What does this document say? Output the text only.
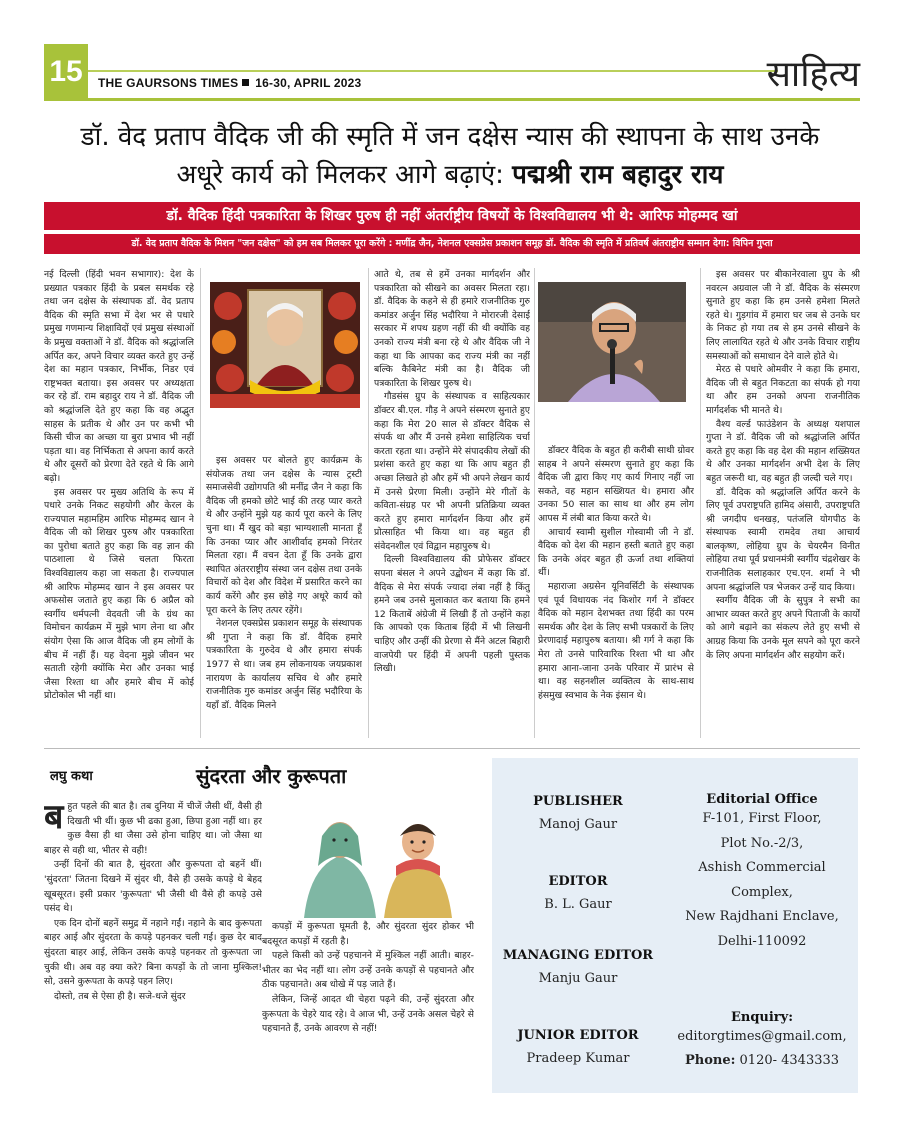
15	THE GAURSONS TIMES 16-30, APRIL 2023	साहित्य
डॉ. वेद प्रताप वैदिक जी की स्मृति में जन दक्षेस न्यास की स्थापना के साथ उनके
अधूरे कार्य को मिलकर आगे बढ़ाएं: पद्मश्री राम बहादुर राय
डॉ. वैदिक हिंदी पत्रकारिता के शिखर पुरुष ही नहीं अंतर्राष्ट्रीय विषयों के विश्वविद्यालय भी थे: आरिफ मोहम्मद खां
डॉ. वेद प्रताप वैदिक के मिशन "जन दक्षेस" को हम सब मिलकर पूरा करेंगे : मणींद्र जैन, नेशनल एक्सप्रेस प्रकाशन समूह डॉ. वैदिक की स्मृति में प्रतिवर्ष अंतराष्ट्रीय सम्मान देगा: विपिन गुप्ता

नई दिल्ली (हिंदी भवन सभागार): देश के प्रख्यात पत्रकार हिंदी के प्रबल समर्थक रहे तथा जन दक्षेस के संस्थापक डॉ. वेद प्रताप वैदिक की स्मृति सभा में देश भर से पधारे प्रमुख गणमान्य शिक्षाविदों एवं प्रमुख संस्थाओं के प्रमुख वक्ताओं ने डॉ. वैदिक को श्रद्धांजलि अर्पित कर, अपने विचार व्यक्त करते हुए उन्हें देश का महान पत्रकार, निर्भीक, निडर एवं राष्ट्रभक्त बताया। इस अवसर पर अध्यक्षता कर रहे डॉ. राम बहादुर राय ने डॉ. वैदिक जी को श्रद्धांजलि देते हुए कहा कि वह अद्भुत साहस के प्रतीक थे और उन पर कभी भी किसी चीज का अच्छा या बुरा प्रभाव भी नहीं पड़ता था। वह निर्भिकता से अपना कार्य करते थे और दूसरों को प्रेरणा देते रहते थे कि आगे बढ़ो।

इस अवसर पर मुख्य अतिथि के रूप में पधारे उनके निकट सहयोगी और केरल के राज्यपाल महामहिम आरिफ मोहम्मद खान ने वैदिक जी को शिखर पुरुष और पत्रकारिता का पुरोधा बताते हुए कहा कि वह ज्ञान की पाठशाला थे जिसे चलता फिरता विश्वविद्यालय कहा जा सकता है। राज्यपाल श्री आरिफ मोहम्मद खान ने इस अवसर पर अफसोस जताते हुए कहा कि 6 अप्रैल को स्वर्गीय धर्मपत्नी वेदवती जी के ग्रंथ का विमोचन कार्यक्रम में मुझे भाग लेना था और संयोग ऐसा कि आज वैदिक जी हम लोगों के बीच में नहीं हैं। यह वेदना मुझे जीवन भर सताती रहेगी क्योंकि मेरा और उनका भाई जैसा रिश्ता था और हमारे बीच में कोई प्रोटोकोल भी नहीं था।

इस अवसर पर बोलते हुए कार्यक्रम के संयोजक तथा जन दक्षेस के न्यास ट्रस्टी समाजसेवी उद्योगपति श्री मनींद्र जैन ने कहा कि वैदिक जी हमको छोटे भाई की तरह प्यार करते थे और उन्होंने मुझे यह कार्य पूरा करने के लिए चुना था। मैं खुद को बड़ा भाग्यशाली मानता हूँ कि उनका प्यार और आशीर्वाद हमको निरंतर मिलता रहा। मैं वचन देता हूँ कि उनके द्वारा स्थापित अंतरराष्ट्रीय संस्था जन दक्षेस तथा उनके विचारों को देश और विदेश में प्रसारित करने का कार्य करेंगे और इस छोड़े गए अधूरे कार्य को पूरा करने के लिए तत्पर रहेंगे।

नेशनल एक्सप्रेस प्रकाशन समूह के संस्थापक श्री गुप्ता ने कहा कि डॉ. वैदिक हमारे पत्रकारिता के गुरुदेव थे और हमारा संपर्क 1977 से था। जब हम लोकनायक जयप्रकाश नारायण के कार्यालय सचिव थे और हमारे राजनीतिक गुरु कमांडर अर्जुन सिंह भदौरिया के यहाँ डॉ. वैदिक मिलने

आते थे, तब से हमें उनका मार्गदर्शन और पत्रकारिता को सीखने का अवसर मिलता रहा। डॉ. वैदिक के कहने से ही हमारे राजनीतिक गुरु कमांडर अर्जुन सिंह भदौरिया ने मोरारजी देसाई सरकार में शपथ ग्रहण नहीं की थी क्योंकि वह उनको राज्य मंत्री बना रहे थे और वैदिक जी ने कहा था कि आपका कद राज्य मंत्री का नहीं बल्कि कैबिनेट मंत्री का है। वैदिक जी पत्रकारिता के शिखर पुरुष थे।

गौडसंस ग्रुप के संस्थापक व साहित्यकार डॉक्टर बी.एल. गौड़ ने अपने संस्मरण सुनाते हुए कहा कि मेरा 20 साल से डॉक्टर वैदिक से संपर्क था और मैं उनसे हमेशा साहित्यिक चर्चा करता रहता था। उन्होंने मेरे संपादकीय लेखों की प्रशंसा करते हुए कहा था कि आप बहुत ही अच्छा लिखते हो और हमें भी अपने लेखन कार्य में उनसे प्रेरणा मिली। उन्होंने मेरे गीतों के कविता-संग्रह पर भी अपनी प्रतिक्रिया व्यक्त करते हुए हमारा मार्गदर्शन किया और हमें प्रोत्साहित भी किया था। वह बहुत ही संवेदनशील एवं विद्वान महापुरुष थे।

दिल्ली विश्वविद्यालय की प्रोफेसर डॉक्टर सपना बंसल ने अपने उद्बोधन में कहा कि डॉ. वैदिक से मेरा संपर्क ज्यादा लंबा नहीं है किंतु हमने जब उनसे मुलाकात कर बताया कि हमने 12 किताबें अंग्रेजी में लिखी हैं तो उन्होंने कहा कि आपको एक किताब हिंदी में भी लिखनी चाहिए और उन्हीं की प्रेरणा से मैंने अटल बिहारी वाजपेयी पर हिंदी में अपनी पहली पुस्तक लिखी।

डॉक्टर वैदिक के बहुत ही करीबी साथी ग्रोवर साहब ने अपने संस्मरण सुनाते हुए कहा कि वैदिक जी द्वारा किए गए कार्य गिनाए नहीं जा सकते, वह महान सख्शियत थे। हमारा और उनका 50 साल का साथ था और हम लोग आपस में लंबी बात किया करते थे।

आचार्य स्वामी सुशील गोस्वामी जी ने डॉ. वैदिक को देश की महान हस्ती बताते हुए कहा कि उनके अंदर बहुत ही ऊर्जा तथा शक्तियां थीं।

महाराजा अग्रसेन यूनिवर्सिटी के संस्थापक एवं पूर्व विधायक नंद किशोर गर्ग ने डॉक्टर वैदिक को महान देशभक्त तथा हिंदी का परम समर्थक और देश के लिए सभी पत्रकारों के लिए प्रेरणादाई महापुरुष बताया। श्री गर्ग ने कहा कि मेरा तो उनसे पारिवारिक रिश्ता भी था और हमारा आना-जाना उनके परिवार में प्रारंभ से था। वह सहनशील व्यक्तित्व के साथ-साथ हंसमुख स्वभाव के नेक इंसान थे।

इस अवसर पर बीकानेरवाला ग्रुप के श्री नवरत्न अग्रवाल जी ने डॉ. वैदिक के संस्मरण सुनाते हुए कहा कि हम उनसे हमेशा मिलते रहते थे। गुड़गांव में हमारा घर जब से उनके घर के निकट हो गया तब से हम उनसे सीखने के लिए लालायित रहते थे और उनके विचार राष्ट्रीय समस्याओं को समाधान देने वाले होते थे।

मेरठ से पधारे ओमवीर ने कहा कि हमारा, वैदिक जी से बहुत निकटता का संपर्क हो गया था और हम उनको अपना राजनीतिक मार्गदर्शक भी मानते थे।

वैश्य वर्ल्ड फाउंडेशन के अध्यक्ष यशपाल गुप्ता ने डॉ. वैदिक जी को श्रद्धांजलि अर्पित करते हुए कहा कि वह देश की महान शख्सियत थे और उनका मार्गदर्शन अभी देश के लिए बहुत जरूरी था, वह बहुत ही जल्दी चले गए।

डॉ. वैदिक को श्रद्धांजलि अर्पित करने के लिए पूर्व उपराष्ट्रपति हामिद अंसारी, उपराष्ट्रपति श्री जगदीप धनखड़, पतंजलि योगपीठ के संस्थापक स्वामी रामदेव तथा आचार्य बालकृष्ण, लोहिया ग्रुप के चेयरमैन विनीत लोहिया तथा पूर्व प्रधानमंत्री स्वर्गीय चंद्रशेखर के राजनीतिक सलाहकार एच.एन. शर्मा ने भी अपना श्रद्धांजलि पत्र भेजकर उन्हें याद किया।

स्वर्गीय वैदिक जी के सुपुत्र ने सभी का आभार व्यक्त करते हुए अपने पिताजी के कार्यों को आगे बढ़ाने का संकल्प लेते हुए सभी से आग्रह किया कि उनके मूल सपने को पूरा करने के लिए अपना मार्गदर्शन और सहयोग करें।

लघु कथा	सुंदरता और कुरूपता

बहुत पहले की बात है। तब दुनिया में चीजें जैसी थीं, वैसी ही दिखती भी थीं। कुछ भी ढका हुआ, छिपा हुआ नहीं था। हर कुछ वैसा ही था जैसा उसे होना चाहिए था। जो जैसा था बाहर से वही था, भीतर से वही!

उन्हीं दिनों की बात है, सुंदरता और कुरूपता दो बहनें थीं। 'सुंदरता' जितना दिखने में सुंदर थी, वैसे ही उसके कपड़े थे बेहद खूबसूरत। इसी प्रकार 'कुरूपता' भी जैसी थी वैसे ही कपड़े उसे पसंद थे।

एक दिन दोनों बहनें समुद्र में नहाने गईं। नहाने के बाद कुरूपता बाहर आई और सुंदरता के कपड़े पहनकर चली गई। कुछ देर बाद सुंदरता बाहर आई, लेकिन उसके कपड़े पहनकर तो कुरूपता जा चुकी थी। अब वह क्या करे? बिना कपड़ों के तो जाना मुश्किल! सो, उसने कुरूपता के कपड़े पहन लिए।

दोस्तो, तब से ऐसा ही है। सजे-धजे सुंदर

कपड़ों में कुरूपता घूमती है, और सुंदरता सुंदर होकर भी बदसूरत कपड़ों में रहती है।

पहले किसी को उन्हें पहचानने में मुश्किल नहीं आती। बाहर-भीतर का भेद नहीं था। लोग उन्हें उनके कपड़ों से पहचानते और ठीक पहचानते। अब धोखे में पड़ जाते हैं।

लेकिन, जिन्हें आदत थी चेहरा पढ़ने की, उन्हें सुंदरता और कुरूपता के चेहरे याद रहे। वे आज भी, उन्हें उनके असल चेहरे से पहचानते हैं, उनके आवरण से नहीं!

PUBLISHER
Manoj Gaur
EDITOR
B. L. Gaur
MANAGING EDITOR
Manju Gaur
JUNIOR EDITOR
Pradeep Kumar
Editorial Office
F-101, First Floor,
Plot No.-2/3,
Ashish Commercial
Complex,
New Rajdhani Enclave,
Delhi-110092
Enquiry:
editorgtimes@gmail.com,
Phone: 0120- 4343333
